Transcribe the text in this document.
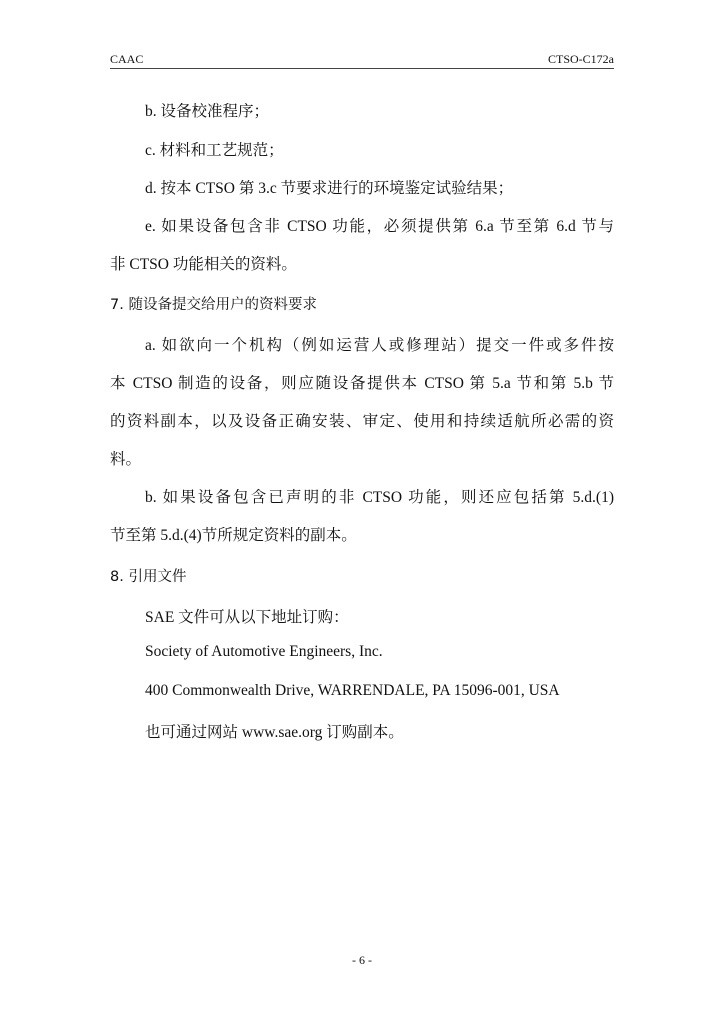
CAAC	CTSO-C172a
b. 设备校准程序；
c. 材料和工艺规范；
d. 按本 CTSO 第 3.c 节要求进行的环境鉴定试验结果；
e. 如果设备包含非 CTSO 功能，必须提供第 6.a 节至第 6.d 节与
非 CTSO 功能相关的资料。
7. 随设备提交给用户的资料要求
a. 如欲向一个机构（例如运营人或修理站）提交一件或多件按
本 CTSO 制造的设备，则应随设备提供本 CTSO 第 5.a 节和第 5.b 节
的资料副本，以及设备正确安装、审定、使用和持续适航所必需的资
料。
b. 如果设备包含已声明的非 CTSO 功能，则还应包括第 5.d.(1)
节至第 5.d.(4)节所规定资料的副本。
8. 引用文件
SAE 文件可从以下地址订购：
Society of Automotive Engineers, Inc.
400 Commonwealth Drive, WARRENDALE, PA 15096-001, USA
也可通过网站 www.sae.org 订购副本。
- 6 -
